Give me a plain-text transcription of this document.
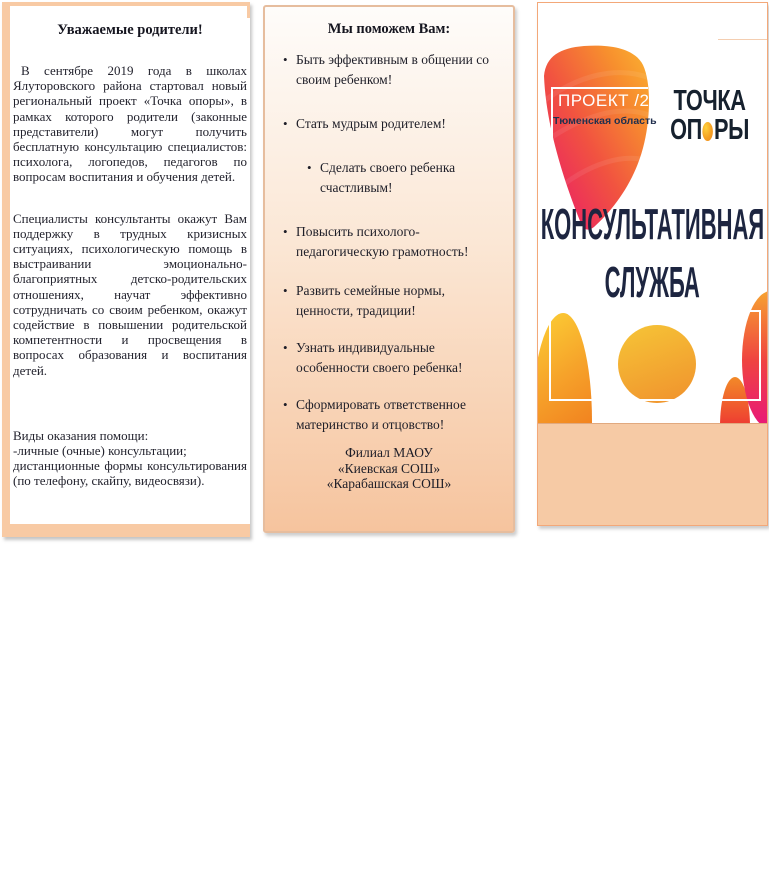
Уважаемые родители!

В сентябре 2019 года в школах Ялуторовского района стартовал новый региональный проект «Точка опоры», в рамках которого родители (законные представители) могут получить бесплатную консультацию специалистов: психолога, логопедов, педагогов по вопросам воспитания и обучения детей.

Специалисты консультанты окажут Вам поддержку в трудных кризисных ситуациях, психологическую помощь в выстраивании эмоционально-благоприятных детско-родительских отношениях, научат эффективно сотрудничать со своим ребенком, окажут содействие в повышении родительской компетентности и просвещения в вопросах образования и воспитания детей.

Виды оказания помощи:
-личные (очные) консультации;
дистанционные формы консультирования (по телефону, скайпу, видеосвязи).
Мы поможем Вам:
• Быть эффективным в общении со своим ребенком!
• Стать мудрым родителем!
• Сделать своего ребенка счастливым!
• Повысить психолого-педагогическую грамотность!
• Развить семейные нормы, ценности, традиции!
• Узнать индивидуальные особенности своего ребенка!
• Сформировать ответственное материнство и отцовство!
Филиал МАОУ
«Киевская СОШ»
«Карабашская СОШ»
ПРОЕКТ /2019
Тюменская область
ТОЧКА
ОП РЫ
КОНСУЛЬТАТИВНАЯ
СЛУЖБА
